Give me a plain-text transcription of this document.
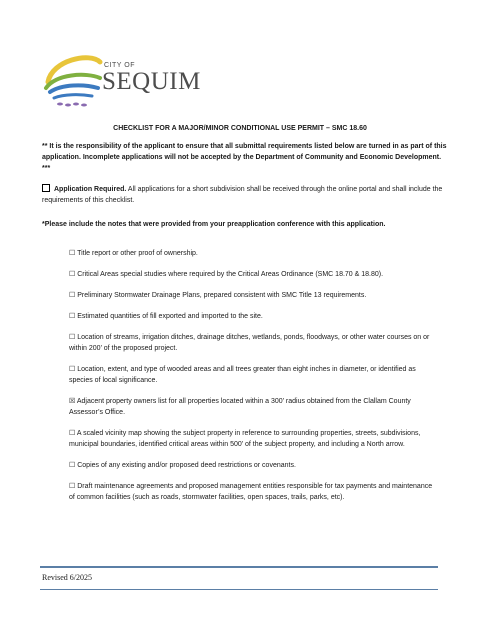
CITY OF
SEQUIM
CHECKLIST FOR A MAJOR/MINOR CONDITIONAL USE PERMIT – SMC 18.60
** It is the responsibility of the applicant to ensure that all submittal requirements listed below are turned in as part of this application. Incomplete applications will not be accepted by the Department of Community and Economic Development. ***
Application Required. All applications for a short subdivision shall be received through the online portal and shall include the requirements of this checklist.
*Please include the notes that were provided from your preapplication conference with this application.
☐ Title report or other proof of ownership.
☐ Critical Areas special studies where required by the Critical Areas Ordinance (SMC 18.70 & 18.80).
☐ Preliminary Stormwater Drainage Plans, prepared consistent with SMC Title 13 requirements.
☐ Estimated quantities of fill exported and imported to the site.
☐ Location of streams, irrigation ditches, drainage ditches, wetlands, ponds, floodways, or other water courses on or within 200’ of the proposed project.
☐ Location, extent, and type of wooded areas and all trees greater than eight inches in diameter, or identified as species of local significance.
☒ Adjacent property owners list for all properties located within a 300’ radius obtained from the Clallam County Assessor’s Office.
☐ A scaled vicinity map showing the subject property in reference to surrounding properties, streets, subdivisions, municipal boundaries, identified critical areas within 500’ of the subject property, and including a North arrow.
☐ Copies of any existing and/or proposed deed restrictions or covenants.
☐ Draft maintenance agreements and proposed management entities responsible for tax payments and maintenance of common facilities (such as roads, stormwater facilities, open spaces, trails, parks, etc).
Revised 6/2025
